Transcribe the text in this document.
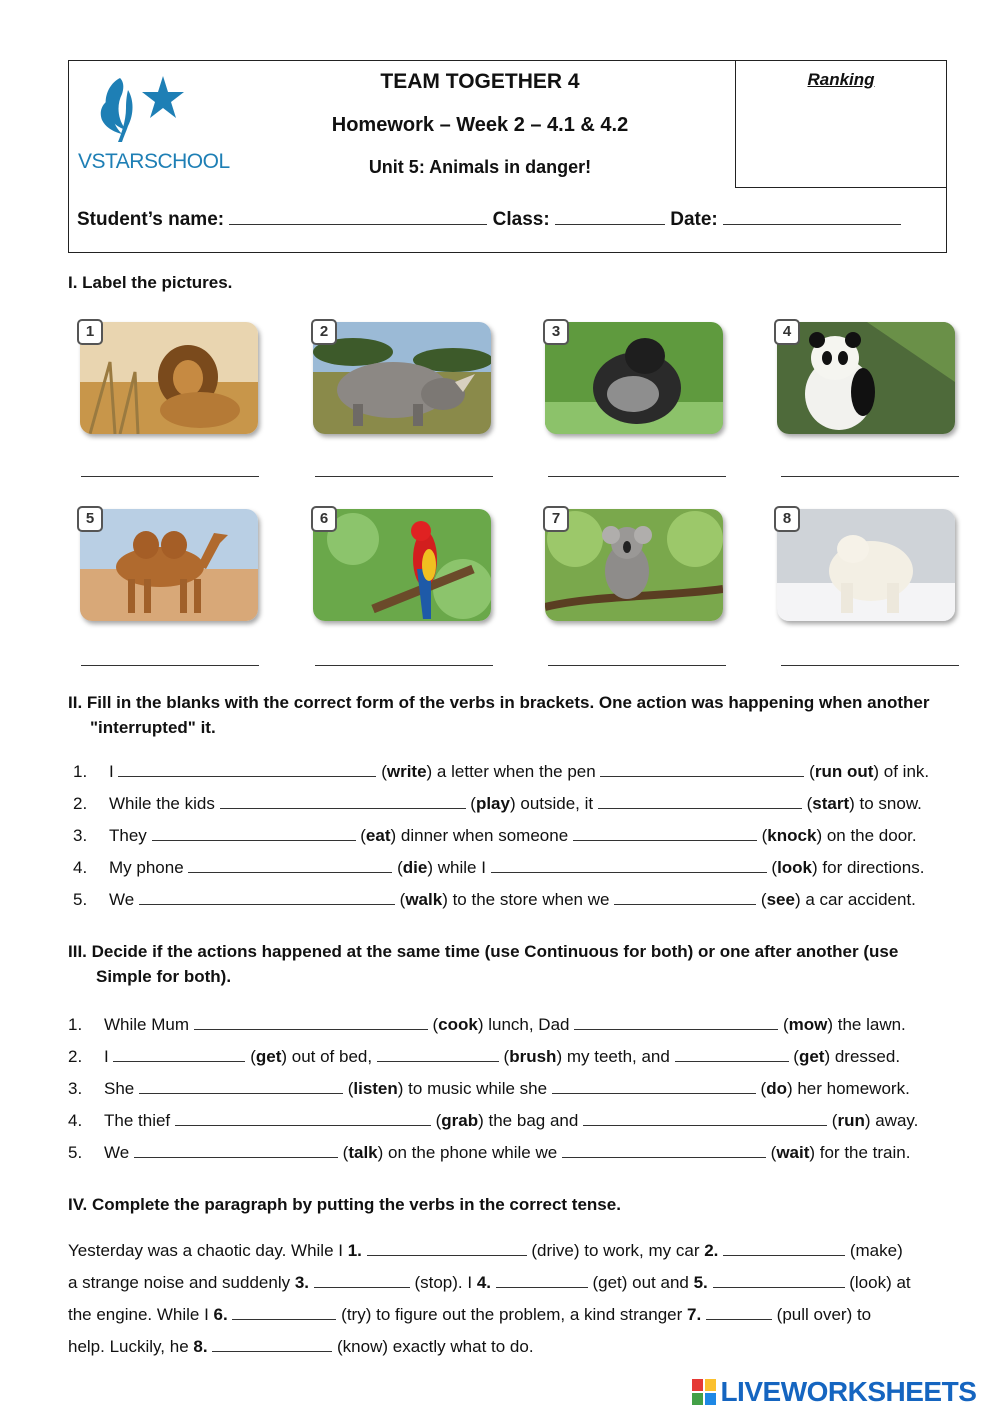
Ranking
VSTARSCHOOL
TEAM TOGETHER 4
Homework – Week 2 – 4.1 & 4.2
Unit 5: Animals in danger!
Student’s name:	Class:	Date:
I. Label the pictures.
1	2	3	4
5	6	7	8
II. Fill in the blanks with the correct form of the verbs in brackets. One action was happening when another "interrupted" it.
1. I	(write) a letter when the pen	(run out) of ink.
2. While the kids	(play) outside, it	(start) to snow.
3. They	(eat) dinner when someone	(knock) on the door.
4. My phone	(die) while I	(look) for directions.
5. We	(walk) to the store when we	(see) a car accident.
III. Decide if the actions happened at the same time (use Continuous for both) or one after another (use Simple for both).
1. While Mum	(cook) lunch, Dad	(mow) the lawn.
2. I	(get) out of bed,	(brush) my teeth, and	(get) dressed.
3. She	(listen) to music while she	(do) her homework.
4. The thief	(grab) the bag and	(run) away.
5. We	(talk) on the phone while we	(wait) for the train.
IV. Complete the paragraph by putting the verbs in the correct tense.
Yesterday was a chaotic day. While I 1.	(drive) to work, my car 2.	(make)
a strange noise and suddenly 3.	(stop). I 4.	(get) out and 5.	(look) at
the engine. While I 6.	(try) to figure out the problem, a kind stranger 7.	(pull over) to
help. Luckily, he 8.	(know) exactly what to do.
LIVEWORKSHEETS
